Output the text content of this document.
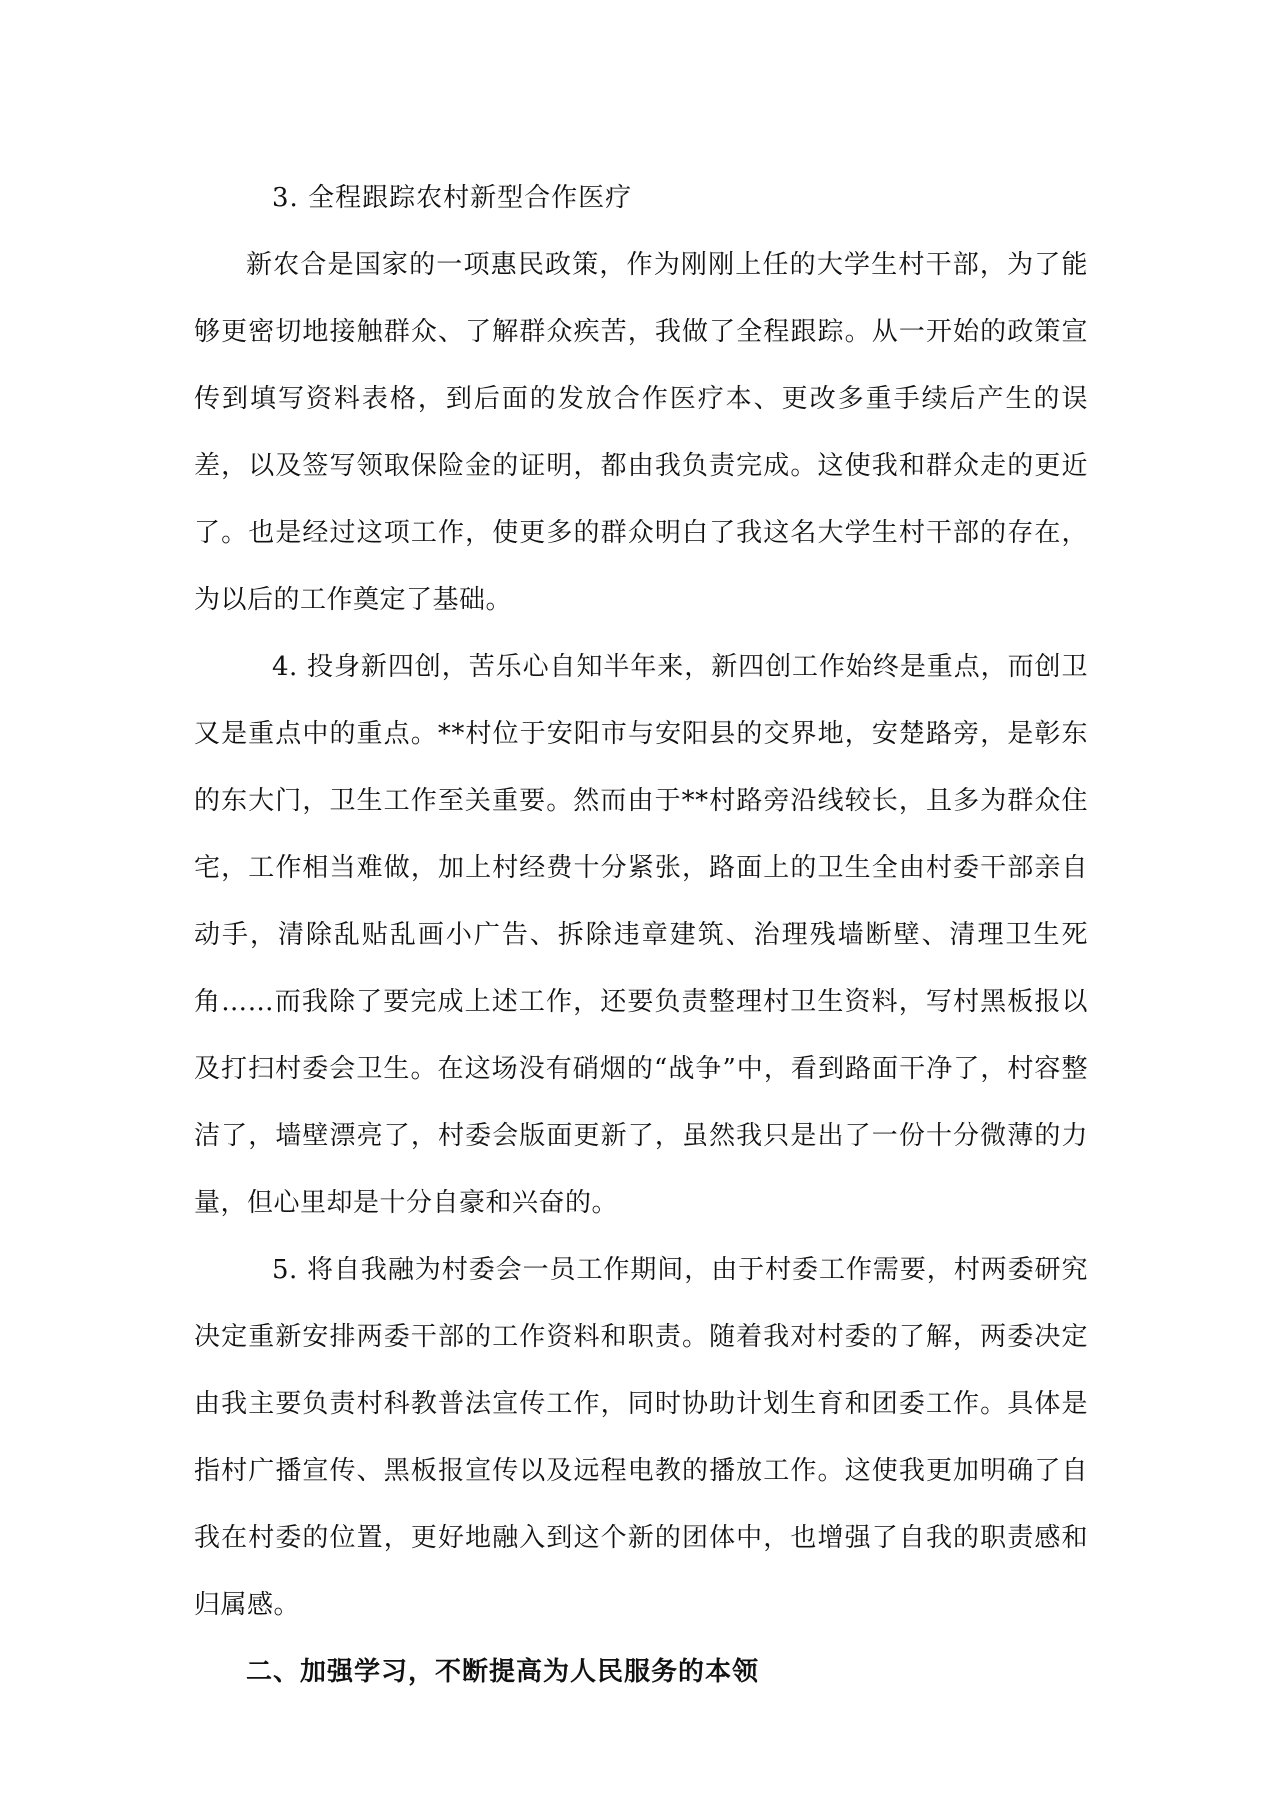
3. 全程跟踪农村新型合作医疗

新农合是国家的一项惠民政策，作为刚刚上任的大学生村干部，为了能够更密切地接触群众、了解群众疾苦，我做了全程跟踪。从一开始的政策宣传到填写资料表格，到后面的发放合作医疗本、更改多重手续后产生的误差，以及签写领取保险金的证明，都由我负责完成。这使我和群众走的更近了。也是经过这项工作，使更多的群众明白了我这名大学生村干部的存在，为以后的工作奠定了基础。

4. 投身新四创，苦乐心自知半年来，新四创工作始终是重点，而创卫又是重点中的重点。**村位于安阳市与安阳县的交界地，安楚路旁，是彰东的东大门，卫生工作至关重要。然而由于**村路旁沿线较长，且多为群众住宅，工作相当难做，加上村经费十分紧张，路面上的卫生全由村委干部亲自动手，清除乱贴乱画小广告、拆除违章建筑、治理残墙断壁、清理卫生死角……而我除了要完成上述工作，还要负责整理村卫生资料，写村黑板报以及打扫村委会卫生。在这场没有硝烟的“战争”中，看到路面干净了，村容整洁了，墙壁漂亮了，村委会版面更新了，虽然我只是出了一份十分微薄的力量，但心里却是十分自豪和兴奋的。

5. 将自我融为村委会一员工作期间，由于村委工作需要，村两委研究决定重新安排两委干部的工作资料和职责。随着我对村委的了解，两委决定由我主要负责村科教普法宣传工作，同时协助计划生育和团委工作。具体是指村广播宣传、黑板报宣传以及远程电教的播放工作。这使我更加明确了自我在村委的位置，更好地融入到这个新的团体中，也增强了自我的职责感和归属感。

二、加强学习，不断提高为人民服务的本领
